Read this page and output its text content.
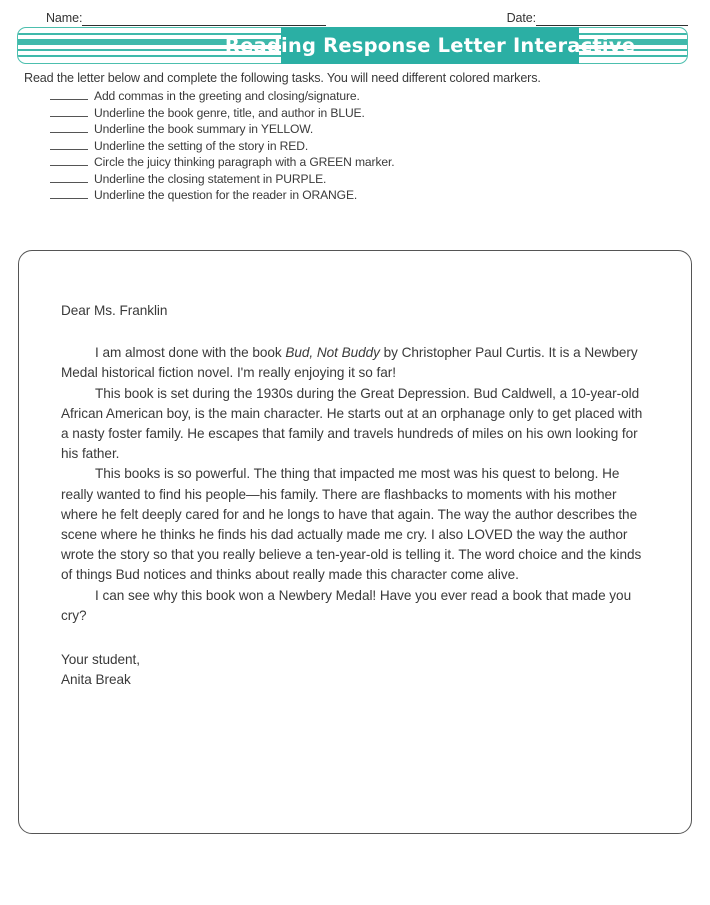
Name:	Date:
Reading Response Letter Interactive
Read the letter below and complete the following tasks. You will need different colored markers.
Add commas in the greeting and closing/signature.
Underline the book genre, title, and author in BLUE.
Underline the book summary in YELLOW.
Underline the setting of the story in RED.
Circle the juicy thinking paragraph with a GREEN marker.
Underline the closing statement in PURPLE.
Underline the question for the reader in ORANGE.

Dear Ms. Franklin

I am almost done with the book Bud, Not Buddy by Christopher Paul Curtis. It is a Newbery Medal historical fiction novel. I'm really enjoying it so far!

This book is set during the 1930s during the Great Depression. Bud Caldwell, a 10-year-old African American boy, is the main character. He starts out at an orphanage only to get placed with a nasty foster family. He escapes that family and travels hundreds of miles on his own looking for his father.

This books is so powerful. The thing that impacted me most was his quest to belong. He really wanted to find his people—his family. There are flashbacks to moments with his mother where he felt deeply cared for and he longs to have that again. The way the author describes the scene where he thinks he finds his dad actually made me cry. I also LOVED the way the author wrote the story so that you really believe a ten-year-old is telling it. The word choice and the kinds of things Bud notices and thinks about really made this character come alive.

I can see why this book won a Newbery Medal! Have you ever read a book that made you cry?

Your student,

Anita Break
